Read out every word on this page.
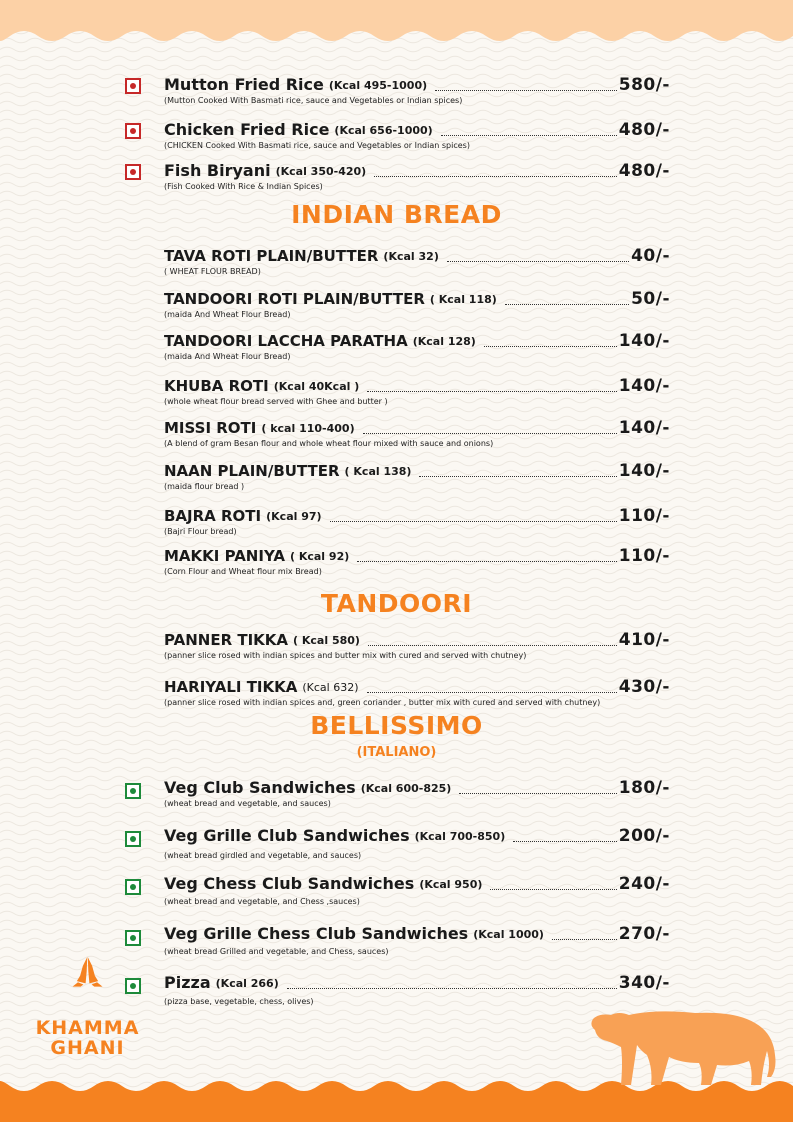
Mutton Fried Rice (Kcal 495-1000)	580/-
(Mutton Cooked With Basmati rice, sauce and Vegetables or Indian spices)
Chicken Fried Rice (Kcal 656-1000)	480/-
(CHICKEN Cooked With Basmati rice, sauce and Vegetables or Indian spices)
Fish Biryani (Kcal 350-420)	480/-
(Fish Cooked With Rice & Indian Spices)
INDIAN BREAD
TAVA ROTI PLAIN/BUTTER (Kcal 32)	40/-
( WHEAT FLOUR BREAD)
TANDOORI ROTI PLAIN/BUTTER ( Kcal 118)	50/-
(maida And Wheat Flour Bread)
TANDOORI LACCHA PARATHA (Kcal 128)	140/-
(maida And Wheat Flour Bread)
KHUBA ROTI (Kcal 40Kcal )	140/-
(whole wheat flour bread served with Ghee and butter )
MISSI ROTI ( kcal 110-400)	140/-
(A blend of gram Besan flour and whole wheat flour mixed with sauce and onions)
NAAN PLAIN/BUTTER ( Kcal 138)	140/-
(maida flour bread )
BAJRA ROTI (Kcal 97)	110/-
(Bajri Flour bread)
MAKKI PANIYA ( Kcal 92)	110/-
(Corn Flour and Wheat flour mix Bread)
TANDOORI
PANNER TIKKA ( Kcal 580)	410/-
(panner slice rosed with indian spices and butter mix with cured and served with chutney)
HARIYALI TIKKA (Kcal 632)	430/-
(panner slice rosed with indian spices and, green coriander , butter mix with cured and served with chutney)
BELLISSIMO
(ITALIANO)
Veg Club Sandwiches (Kcal 600-825)	180/-
(wheat bread and vegetable, and sauces)
Veg Grille Club Sandwiches (Kcal 700-850)	200/-
(wheat bread girdled and vegetable, and sauces)
Veg Chess Club Sandwiches (Kcal 950)	240/-
(wheat bread and vegetable, and Chess ,sauces)
Veg Grille Chess Club Sandwiches (Kcal 1000)	270/-
(wheat bread Grilled and vegetable, and Chess, sauces)
Pizza (Kcal 266)	340/-
(pizza base, vegetable, chess, olives)
KHAMMA
GHANI
